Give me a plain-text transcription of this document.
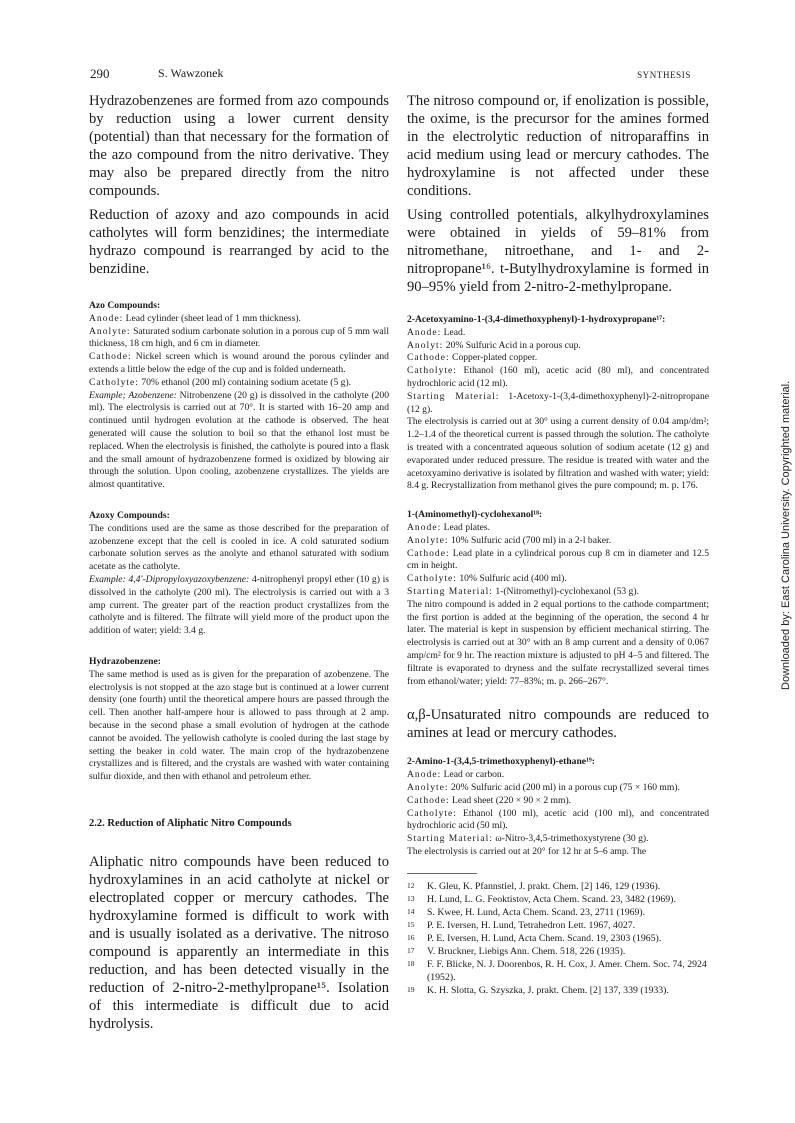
290	S. Wawzonek	SYNTHESIS

Hydrazobenzenes are formed from azo compounds by reduction using a lower current density (potential) than that necessary for the formation of the azo compound from the nitro derivative. They may also be prepared directly from the nitro compounds.

Reduction of azoxy and azo compounds in acid catholytes will form benzidines; the intermediate hydrazo compound is rearranged by acid to the benzidine.

Azo Compounds:

Anode: Lead cylinder (sheet lead of 1 mm thickness).

Anolyte: Saturated sodium carbonate solution in a porous cup of 5 mm wall thickness, 18 cm high, and 6 cm in diameter.

Cathode: Nickel screen which is wound around the porous cylinder and extends a little below the edge of the cup and is folded underneath.

Catholyte: 70% ethanol (200 ml) containing sodium acetate (5 g).

Example; Azobenzene: Nitrobenzene (20 g) is dissolved in the catholyte (200 ml). The electrolysis is carried out at 70°. It is started with 16–20 amp and continued until hydrogen evolution at the cathode is observed. The heat generated will cause the solution to boil so that the ethanol lost must be replaced. When the electrolysis is finished, the catholyte is poured into a flask and the small amount of hydrazobenzene formed is oxidized by blowing air through the solution. Upon cooling, azobenzene crystallizes. The yields are almost quantitative.

Azoxy Compounds:

The conditions used are the same as those described for the preparation of azobenzene except that the cell is cooled in ice. A cold saturated sodium carbonate solution serves as the anolyte and ethanol saturated with sodium acetate as the catholyte.

Example: 4,4'-Dipropyloxyazoxybenzene: 4-nitrophenyl propyl ether (10 g) is dissolved in the catholyte (200 ml). The electrolysis is carried out with a 3 amp current. The greater part of the reaction product crystallizes from the catholyte and is filtered. The filtrate will yield more of the product upon the addition of water; yield: 3.4 g.

Hydrazobenzene:

The same method is used as is given for the preparation of azobenzene. The electrolysis is not stopped at the azo stage but is continued at a lower current density (one fourth) until the theoretical ampere hours are passed through the cell. Then another half-ampere hour is allowed to pass through at 2 amp. because in the second phase a small evolution of hydrogen at the cathode cannot be avoided. The yellowish catholyte is cooled during the last stage by setting the beaker in cold water. The main crop of the hydrazobenzene crystallizes and is filtered, and the crystals are washed with water containing sulfur dioxide, and then with ethanol and petroleum ether.

2.2. Reduction of Aliphatic Nitro Compounds

Aliphatic nitro compounds have been reduced to hydroxylamines in an acid catholyte at nickel or electroplated copper or mercury cathodes. The hydroxylamine formed is difficult to work with and is usually isolated as a derivative. The nitroso compound is apparently an intermediate in this reduction, and has been detected visually in the reduction of 2-nitro-2-methylpropane¹⁵. Isolation of this intermediate is difficult due to acid hydrolysis.

The nitroso compound or, if enolization is possible, the oxime, is the precursor for the amines formed in the electrolytic reduction of nitroparaffins in acid medium using lead or mercury cathodes. The hydroxylamine is not affected under these conditions.

Using controlled potentials, alkylhydroxylamines were obtained in yields of 59–81% from nitromethane, nitroethane, and 1- and 2-nitropropane¹⁶. t-Butylhydroxylamine is formed in 90–95% yield from 2-nitro-2-methylpropane.

2-Acetoxyamino-1-(3,4-dimethoxyphenyl)-1-hydroxypropane¹⁷:

Anode: Lead.

Anolyt: 20% Sulfuric Acid in a porous cup.

Cathode: Copper-plated copper.

Catholyte: Ethanol (160 ml), acetic acid (80 ml), and concentrated hydrochloric acid (12 ml).

Starting Material: 1-Acetoxy-1-(3,4-dimethoxyphenyl)-2-nitropropane (12 g).

The electrolysis is carried out at 30° using a current density of 0.04 amp/dm²; 1.2–1.4 of the theoretical current is passed through the solution. The catholyte is treated with a concentrated aqueous solution of sodium acetate (12 g) and evaporated under reduced pressure. The residue is treated with water and the acetoxyamino derivative is isolated by filtration and washed with water; yield: 8.4 g. Recrystallization from methanol gives the pure compound; m. p. 176.

1-(Aminomethyl)-cyclohexanol¹⁸:

Anode: Lead plates.

Anolyte: 10% Sulfuric acid (700 ml) in a 2-l baker.

Cathode: Lead plate in a cylindrical porous cup 8 cm in diameter and 12.5 cm in height.

Catholyte: 10% Sulfuric acid (400 ml).

Starting Material: 1-(Nitromethyl)-cyclohexanol (53 g).

The nitro compound is added in 2 equal portions to the cathode compartment; the first portion is added at the beginning of the operation, the second 4 hr later. The material is kept in suspension by efficient mechanical stirring. The electrolysis is carried out at 30° with an 8 amp current and a density of 0.067 amp/cm² for 9 hr. The reaction mixture is adjusted to pH 4–5 and filtered. The filtrate is evaporated to dryness and the sulfate recrystallized several times from ethanol/water; yield: 77–83%; m. p. 266–267°.

α,β-Unsaturated nitro compounds are reduced to amines at lead or mercury cathodes.

2-Amino-1-(3,4,5-trimethoxyphenyl)-ethane¹⁹:

Anode: Lead or carbon.

Anolyte: 20% Sulfuric acid (200 ml) in a porous cup (75 × 160 mm).

Cathode: Lead sheet (220 × 90 × 2 mm).

Catholyte: Ethanol (100 ml), acetic acid (100 ml), and concentrated hydrochloric acid (50 ml).

Starting Material: ω-Nitro-3,4,5-trimethoxystyrene (30 g).

The electrolysis is carried out at 20° for 12 hr at 5–6 amp. The

12	K. Gleu, K. Pfannstiel, J. prakt. Chem. [2] 146, 129 (1936).
13	H. Lund, L. G. Feoktistov, Acta Chem. Scand. 23, 3482 (1969).
14	S. Kwee, H. Lund, Acta Chem. Scand. 23, 2711 (1969).
15	P. E. Iversen, H. Lund, Tetrahedron Lett. 1967, 4027.
16	P. E. Iversen, H. Lund, Acta Chem. Scand. 19, 2303 (1965).
17	V. Bruckner, Liebigs Ann. Chem. 518, 226 (1935).
18	F. F. Blicke, N. J. Doorenbos, R. H. Cox, J. Amer. Chem. Soc. 74, 2924 (1952).
19	K. H. Slotta, G. Szyszka, J. prakt. Chem. [2] 137, 339 (1933).
Downloaded by: East Carolina University. Copyrighted material.
